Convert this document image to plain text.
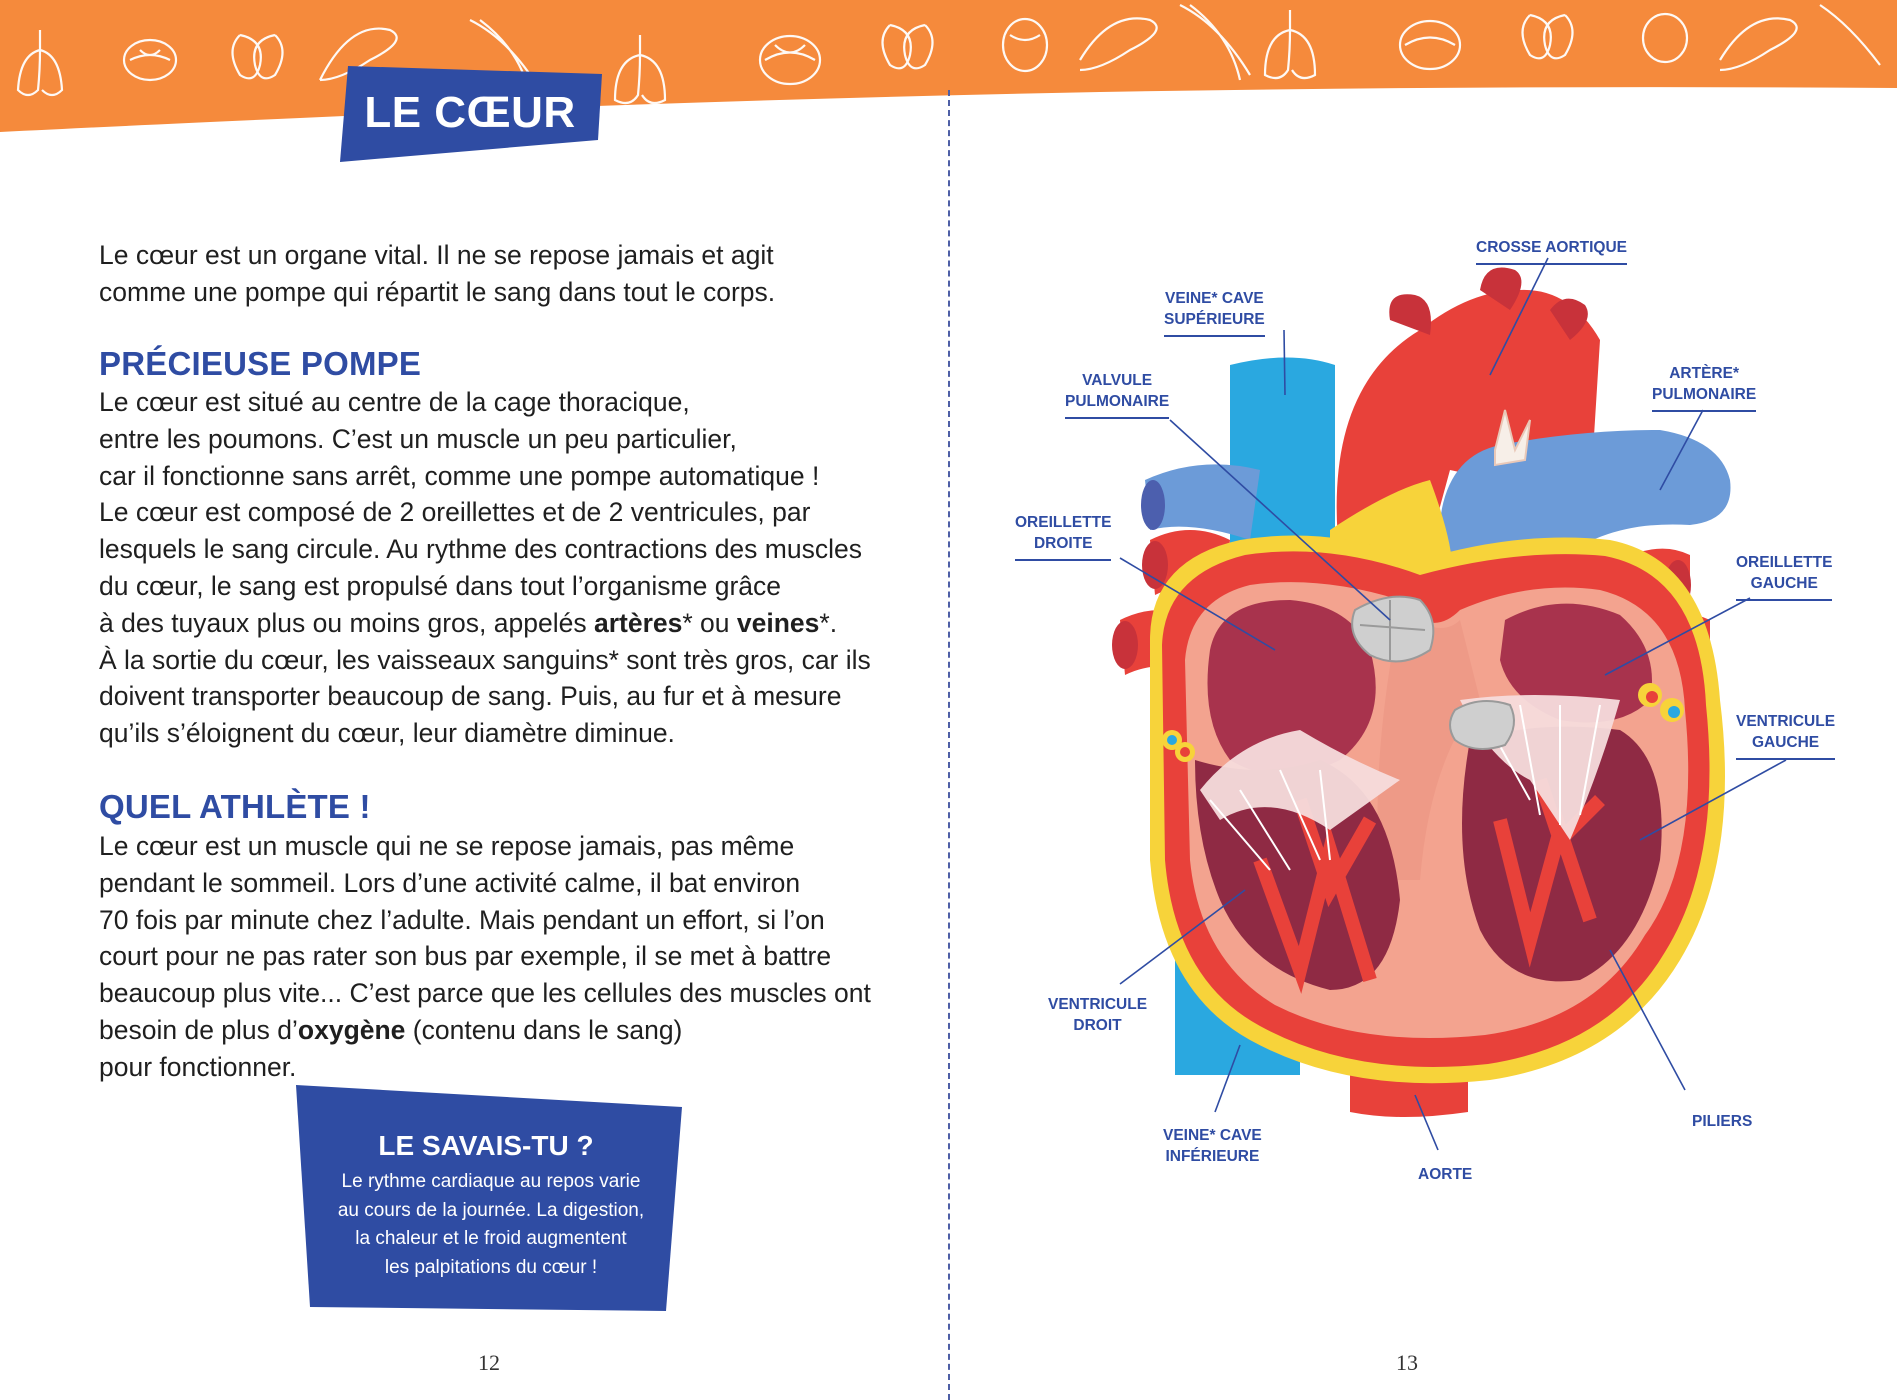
LE CŒUR
Le cœur est un organe vital. Il ne se repose jamais et agit
comme une pompe qui répartit le sang dans tout le corps.
PRÉCIEUSE POMPE
Le cœur est situé au centre de la cage thoracique,
entre les poumons. C’est un muscle un peu particulier,
car il fonctionne sans arrêt, comme une pompe automatique !
Le cœur est composé de 2 oreillettes et de 2 ventricules, par
lesquels le sang circule. Au rythme des contractions des muscles
du cœur, le sang est propulsé dans tout l’organisme grâce
à des tuyaux plus ou moins gros, appelés artères* ou veines*.
À la sortie du cœur, les vaisseaux sanguins* sont très gros, car ils
doivent transporter beaucoup de sang. Puis, au fur et à mesure
qu’ils s’éloignent du cœur, leur diamètre diminue.
QUEL ATHLÈTE !
Le cœur est un muscle qui ne se repose jamais, pas même
pendant le sommeil. Lors d’une activité calme, il bat environ
70 fois par minute chez l’adulte. Mais pendant un effort, si l’on
court pour ne pas rater son bus par exemple, il se met à battre
beaucoup plus vite... C’est parce que les cellules des muscles ont
besoin de plus d’oxygène (contenu dans le sang)
pour fonctionner.
LE SAVAIS-TU ?
Le rythme cardiaque au repos varie
au cours de la journée. La digestion,
la chaleur et le froid augmentent
les palpitations du cœur !
12	13
CROSSE AORTIQUE
VEINE* CAVE
SUPÉRIEURE
VALVULE
PULMONAIRE
ARTÈRE*
PULMONAIRE
OREILLETTE
DROITE
OREILLETTE
GAUCHE
VENTRICULE
GAUCHE
VENTRICULE
DROIT
PILIERS
VEINE* CAVE
INFÉRIEURE
AORTE
